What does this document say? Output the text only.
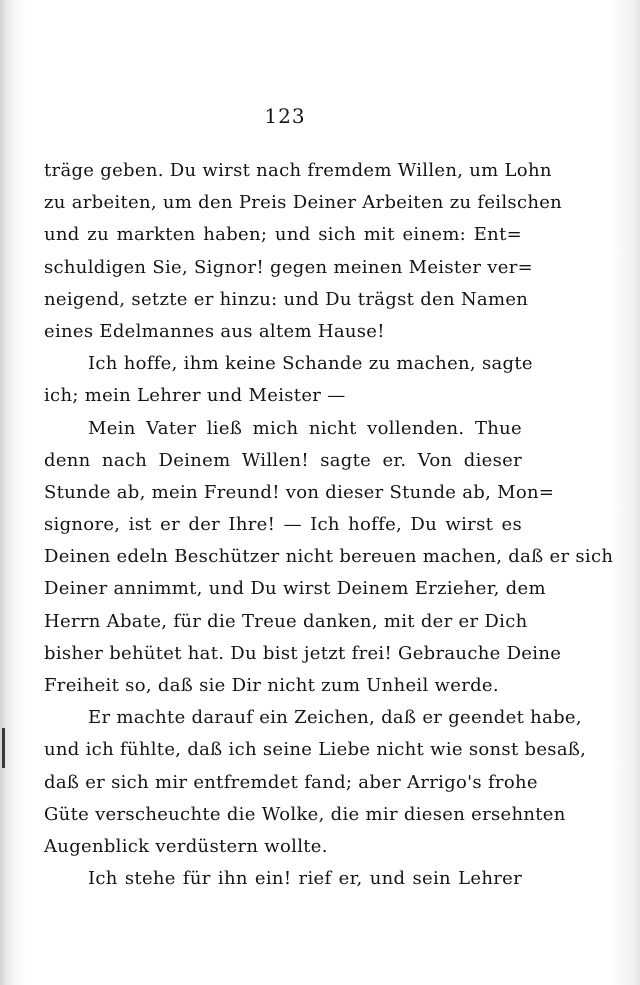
123
träge geben. Du wirst nach fremdem Willen, um Lohn
zu arbeiten, um den Preis Deiner Arbeiten zu feilschen
und zu markten haben; und sich mit einem: Ent=
schuldigen Sie, Signor! gegen meinen Meister ver=
neigend, setzte er hinzu: und Du trägst den Namen
eines Edelmannes aus altem Hause!
Ich hoffe, ihm keine Schande zu machen, sagte
ich; mein Lehrer und Meister —
Mein Vater ließ mich nicht vollenden. Thue
denn nach Deinem Willen! sagte er. Von dieser
Stunde ab, mein Freund! von dieser Stunde ab, Mon=
signore, ist er der Ihre! — Ich hoffe, Du wirst es
Deinen edeln Beschützer nicht bereuen machen, daß er sich
Deiner annimmt, und Du wirst Deinem Erzieher, dem
Herrn Abate, für die Treue danken, mit der er Dich
bisher behütet hat. Du bist jetzt frei! Gebrauche Deine
Freiheit so, daß sie Dir nicht zum Unheil werde.
Er machte darauf ein Zeichen, daß er geendet habe,
und ich fühlte, daß ich seine Liebe nicht wie sonst besaß,
daß er sich mir entfremdet fand; aber Arrigo's frohe
Güte verscheuchte die Wolke, die mir diesen ersehnten
Augenblick verdüstern wollte.
Ich stehe für ihn ein! rief er, und sein Lehrer
